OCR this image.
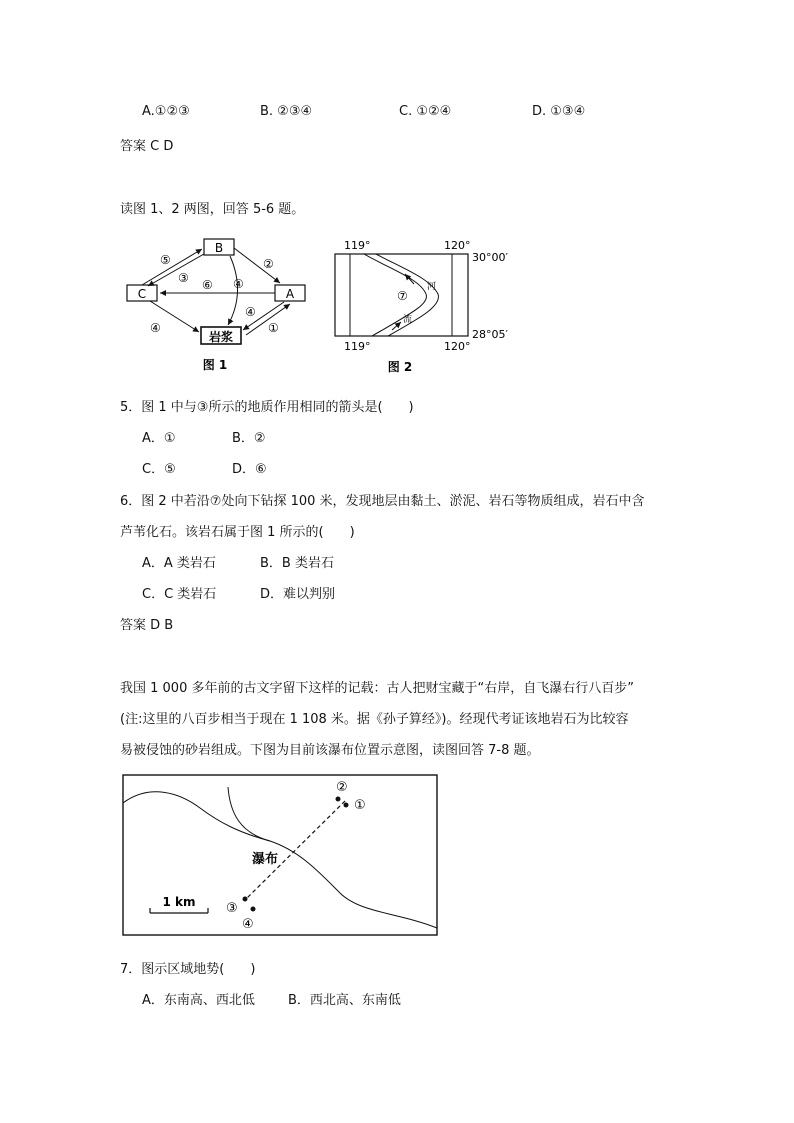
A.①②③	B. ②③④	C. ①②④	D. ①③④
答案 C D
读图 1、2 两图，回答 5-6 题。
B
C	A
岩浆
⑤
③ ⑥ ④
②
④
①
④
图 1
河
流
⑦
119°	120°
119°	120°
30°00′
28°05′
图 2
5．图 1 中与③所示的地质作用相同的箭头是(　　)
A．①	B．②
C．⑤	D．⑥
6．图 2 中若沿⑦处向下钻探 100 米，发现地层由黏土、淤泥、岩石等物质组成，岩石中含
芦苇化石。该岩石属于图 1 所示的(　　)
A．A 类岩石	B．B 类岩石
C．C 类岩石	D．难以判别
答案 D B
我国 1 000 多年前的古文字留下这样的记载：古人把财宝藏于“右岸，自飞瀑右行八百步”
(注:这里的八百步相当于现在 1 108 米。据《孙子算经》)。经现代考证该地岩石为比较容
易被侵蚀的砂岩组成。下图为目前该瀑布位置示意图，读图回答 7-8 题。
②
①
③
④
瀑布
1 km
7．图示区域地势(　　)
A．东南高、西北低	B．西北高、东南低
